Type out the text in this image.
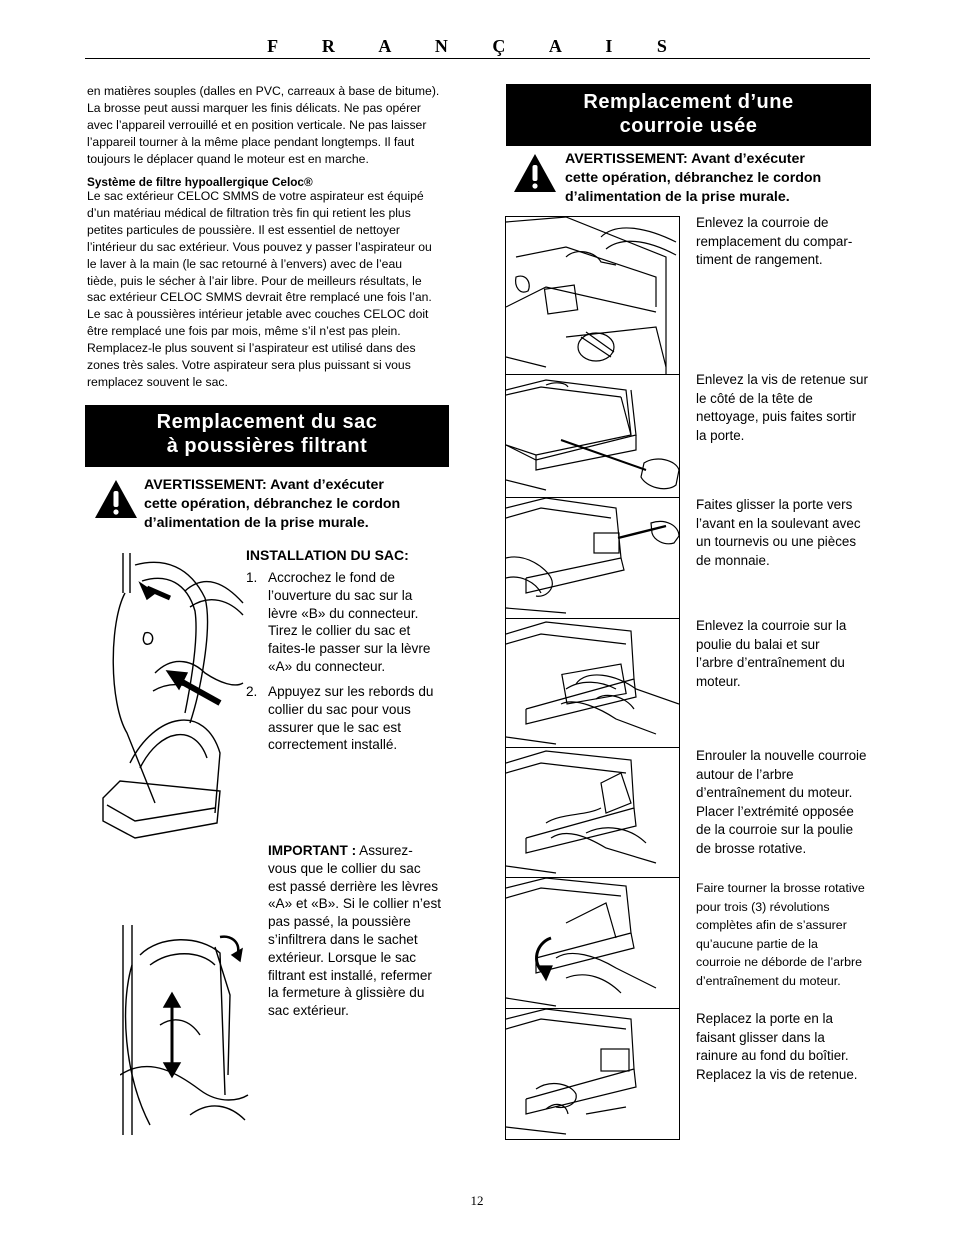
F R A N Ç A I S
en matières souples (dalles en PVC, carreaux à base de bitume).
La brosse peut aussi marquer les finis délicats. Ne pas opérer
avec l’appareil verrouillé et en position verticale. Ne pas laisser
l’appareil tourner à la même place pendant longtemps. Il faut
toujours le déplacer quand le moteur est en marche.
Système de filtre hypoallergique Celoc®
Le sac extérieur CELOC SMMS de votre aspirateur est équipé
d’un matériau médical de filtration très fin qui retient les plus
petites particules de poussière. Il est essentiel de nettoyer
l’intérieur du sac extérieur. Vous pouvez y passer l’aspirateur ou
le laver à la main (le sac retourné à l’envers) avec de l’eau
tiède, puis le sécher à l’air libre. Pour de meilleurs résultats, le
sac extérieur CELOC SMMS devrait être remplacé une fois l’an.
Le sac à poussières intérieur jetable avec couches CELOC doit
être remplacé une fois par mois, même s’il n’est pas plein.
Remplacez-le plus souvent si l’aspirateur est utilisé dans des
zones très sales. Votre aspirateur sera plus puissant si vous
remplacez souvent le sac.
Remplacement du sac
à poussières filtrant
AVERTISSEMENT: Avant d’exécuter
cette opération, débranchez le cordon
d’alimentation de la prise murale.
INSTALLATION DU SAC:
1. Accrochez le fond de
l’ouverture du sac sur la
lèvre «B» du connecteur.
Tirez le collier du sac et
faites-le passer sur la lèvre
«A» du connecteur.
2. Appuyez sur les rebords du
collier du sac pour vous
assurer que le sac est
correctement installé.
IMPORTANT : Assurez-
vous que le collier du sac
est passé derrière les lèvres
«A» et «B». Si le collier n’est
pas passé, la poussière
s’infiltrera dans le sachet
extérieur. Lorsque le sac
filtrant est installé, refermer
la fermeture à glissière du
sac extérieur.
Remplacement d’une
courroie usée
AVERTISSEMENT: Avant d’exécuter
cette opération, débranchez le cordon
d’alimentation de la prise murale.
Enlevez la courroie de
remplacement du compar-
timent de rangement.
Enlevez la vis de retenue sur
le côté de la tête de
nettoyage, puis faites sortir
la porte.
Faites glisser la porte vers
l’avant en la soulevant avec
un tournevis ou une pièces
de monnaie.
Enlevez la courroie sur la
poulie du balai et sur
l’arbre d’entraînement du
moteur.
Enrouler la nouvelle courroie
autour de l’arbre
d’entraînement du moteur.
Placer l’extrémité opposée
de la courroie sur la poulie
de brosse rotative.
Faire tourner la brosse rotative
pour trois (3) révolutions
complètes afin de s’assurer
qu’aucune partie de la
courroie ne déborde de l’arbre
d’entraînement du moteur.
Replacez la porte en la
faisant glisser dans la
rainure au fond du boîtier.
Replacez la vis de retenue.
12
